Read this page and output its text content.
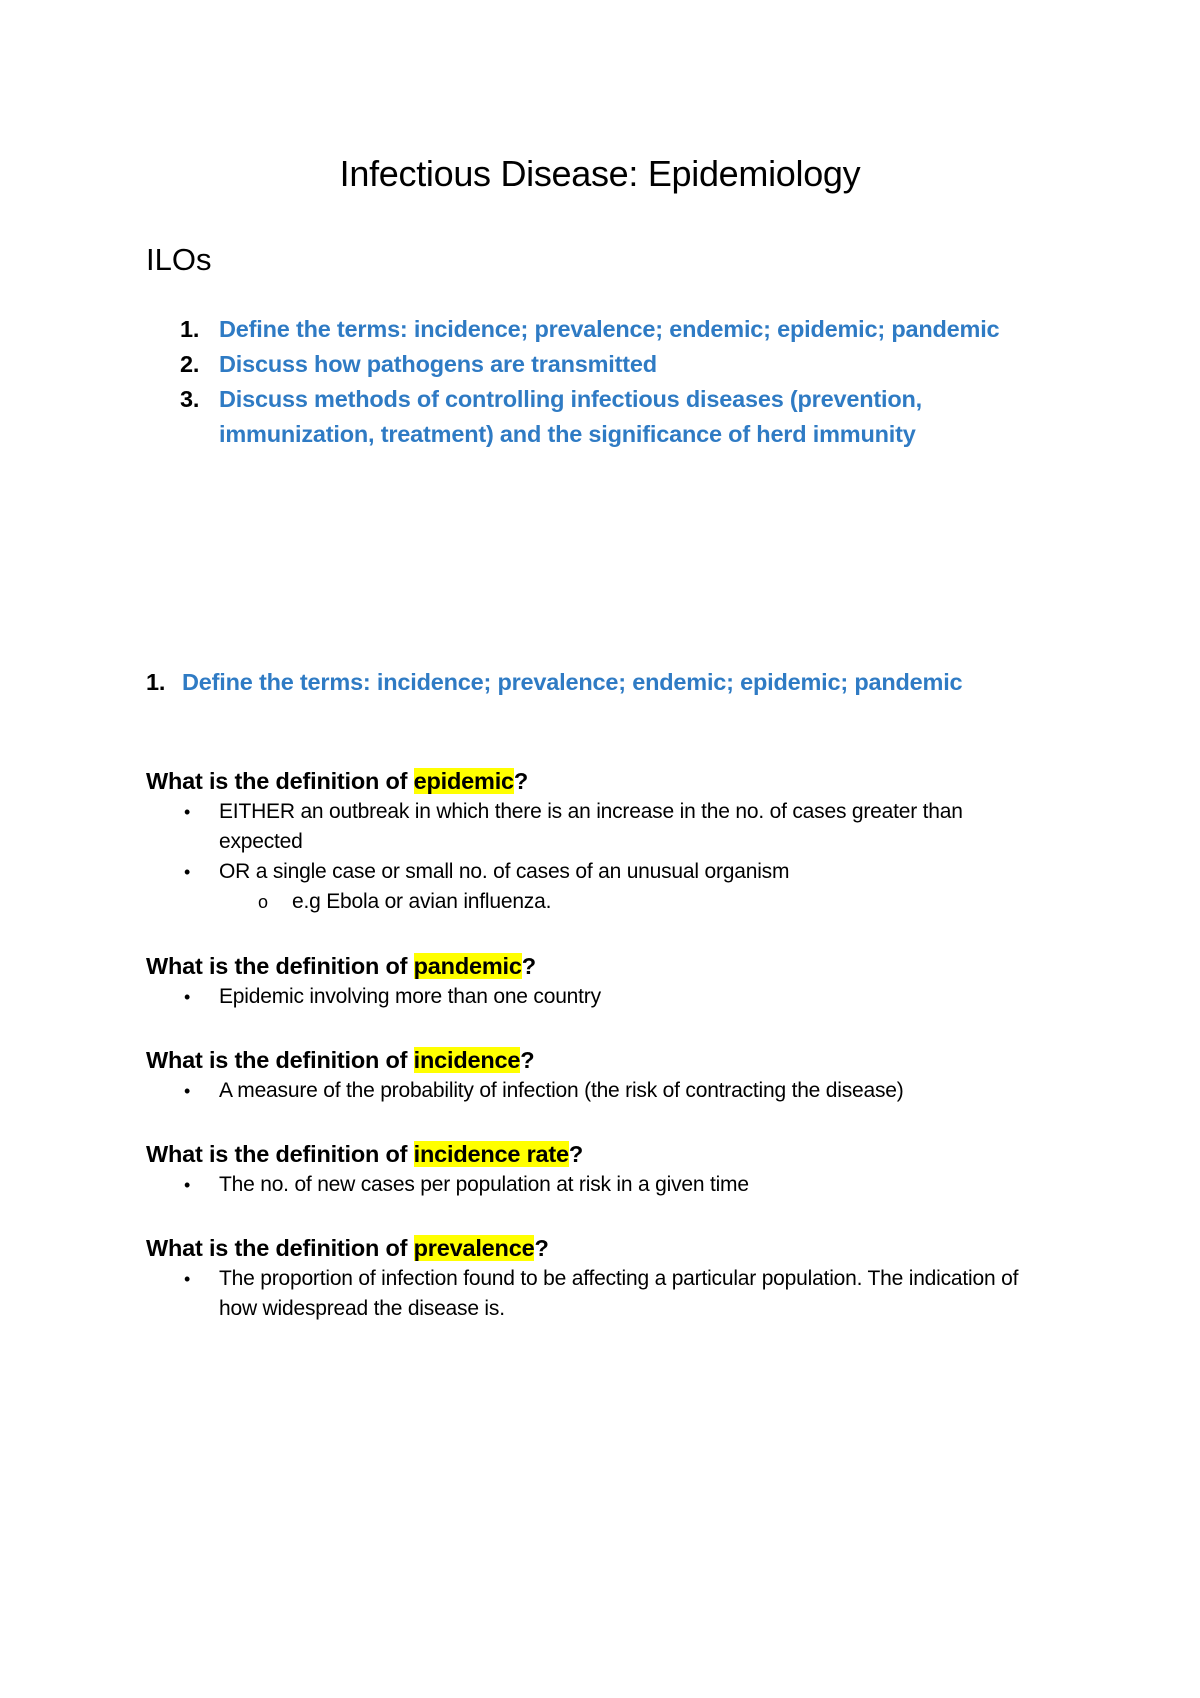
Infectious Disease: Epidemiology
ILOs
1. Define the terms: incidence; prevalence; endemic; epidemic; pandemic
2. Discuss how pathogens are transmitted
3. Discuss methods of controlling infectious diseases (prevention, immunization, treatment) and the significance of herd immunity
1. Define the terms: incidence; prevalence; endemic; epidemic; pandemic
What is the definition of epidemic?
• EITHER an outbreak in which there is an increase in the no. of cases greater than expected
• OR a single case or small no. of cases of an unusual organism
o e.g Ebola or avian influenza.
What is the definition of pandemic?
• Epidemic involving more than one country
What is the definition of incidence?
• A measure of the probability of infection (the risk of contracting the disease)
What is the definition of incidence rate?
• The no. of new cases per population at risk in a given time
What is the definition of prevalence?
• The proportion of infection found to be affecting a particular population. The indication of how widespread the disease is.
